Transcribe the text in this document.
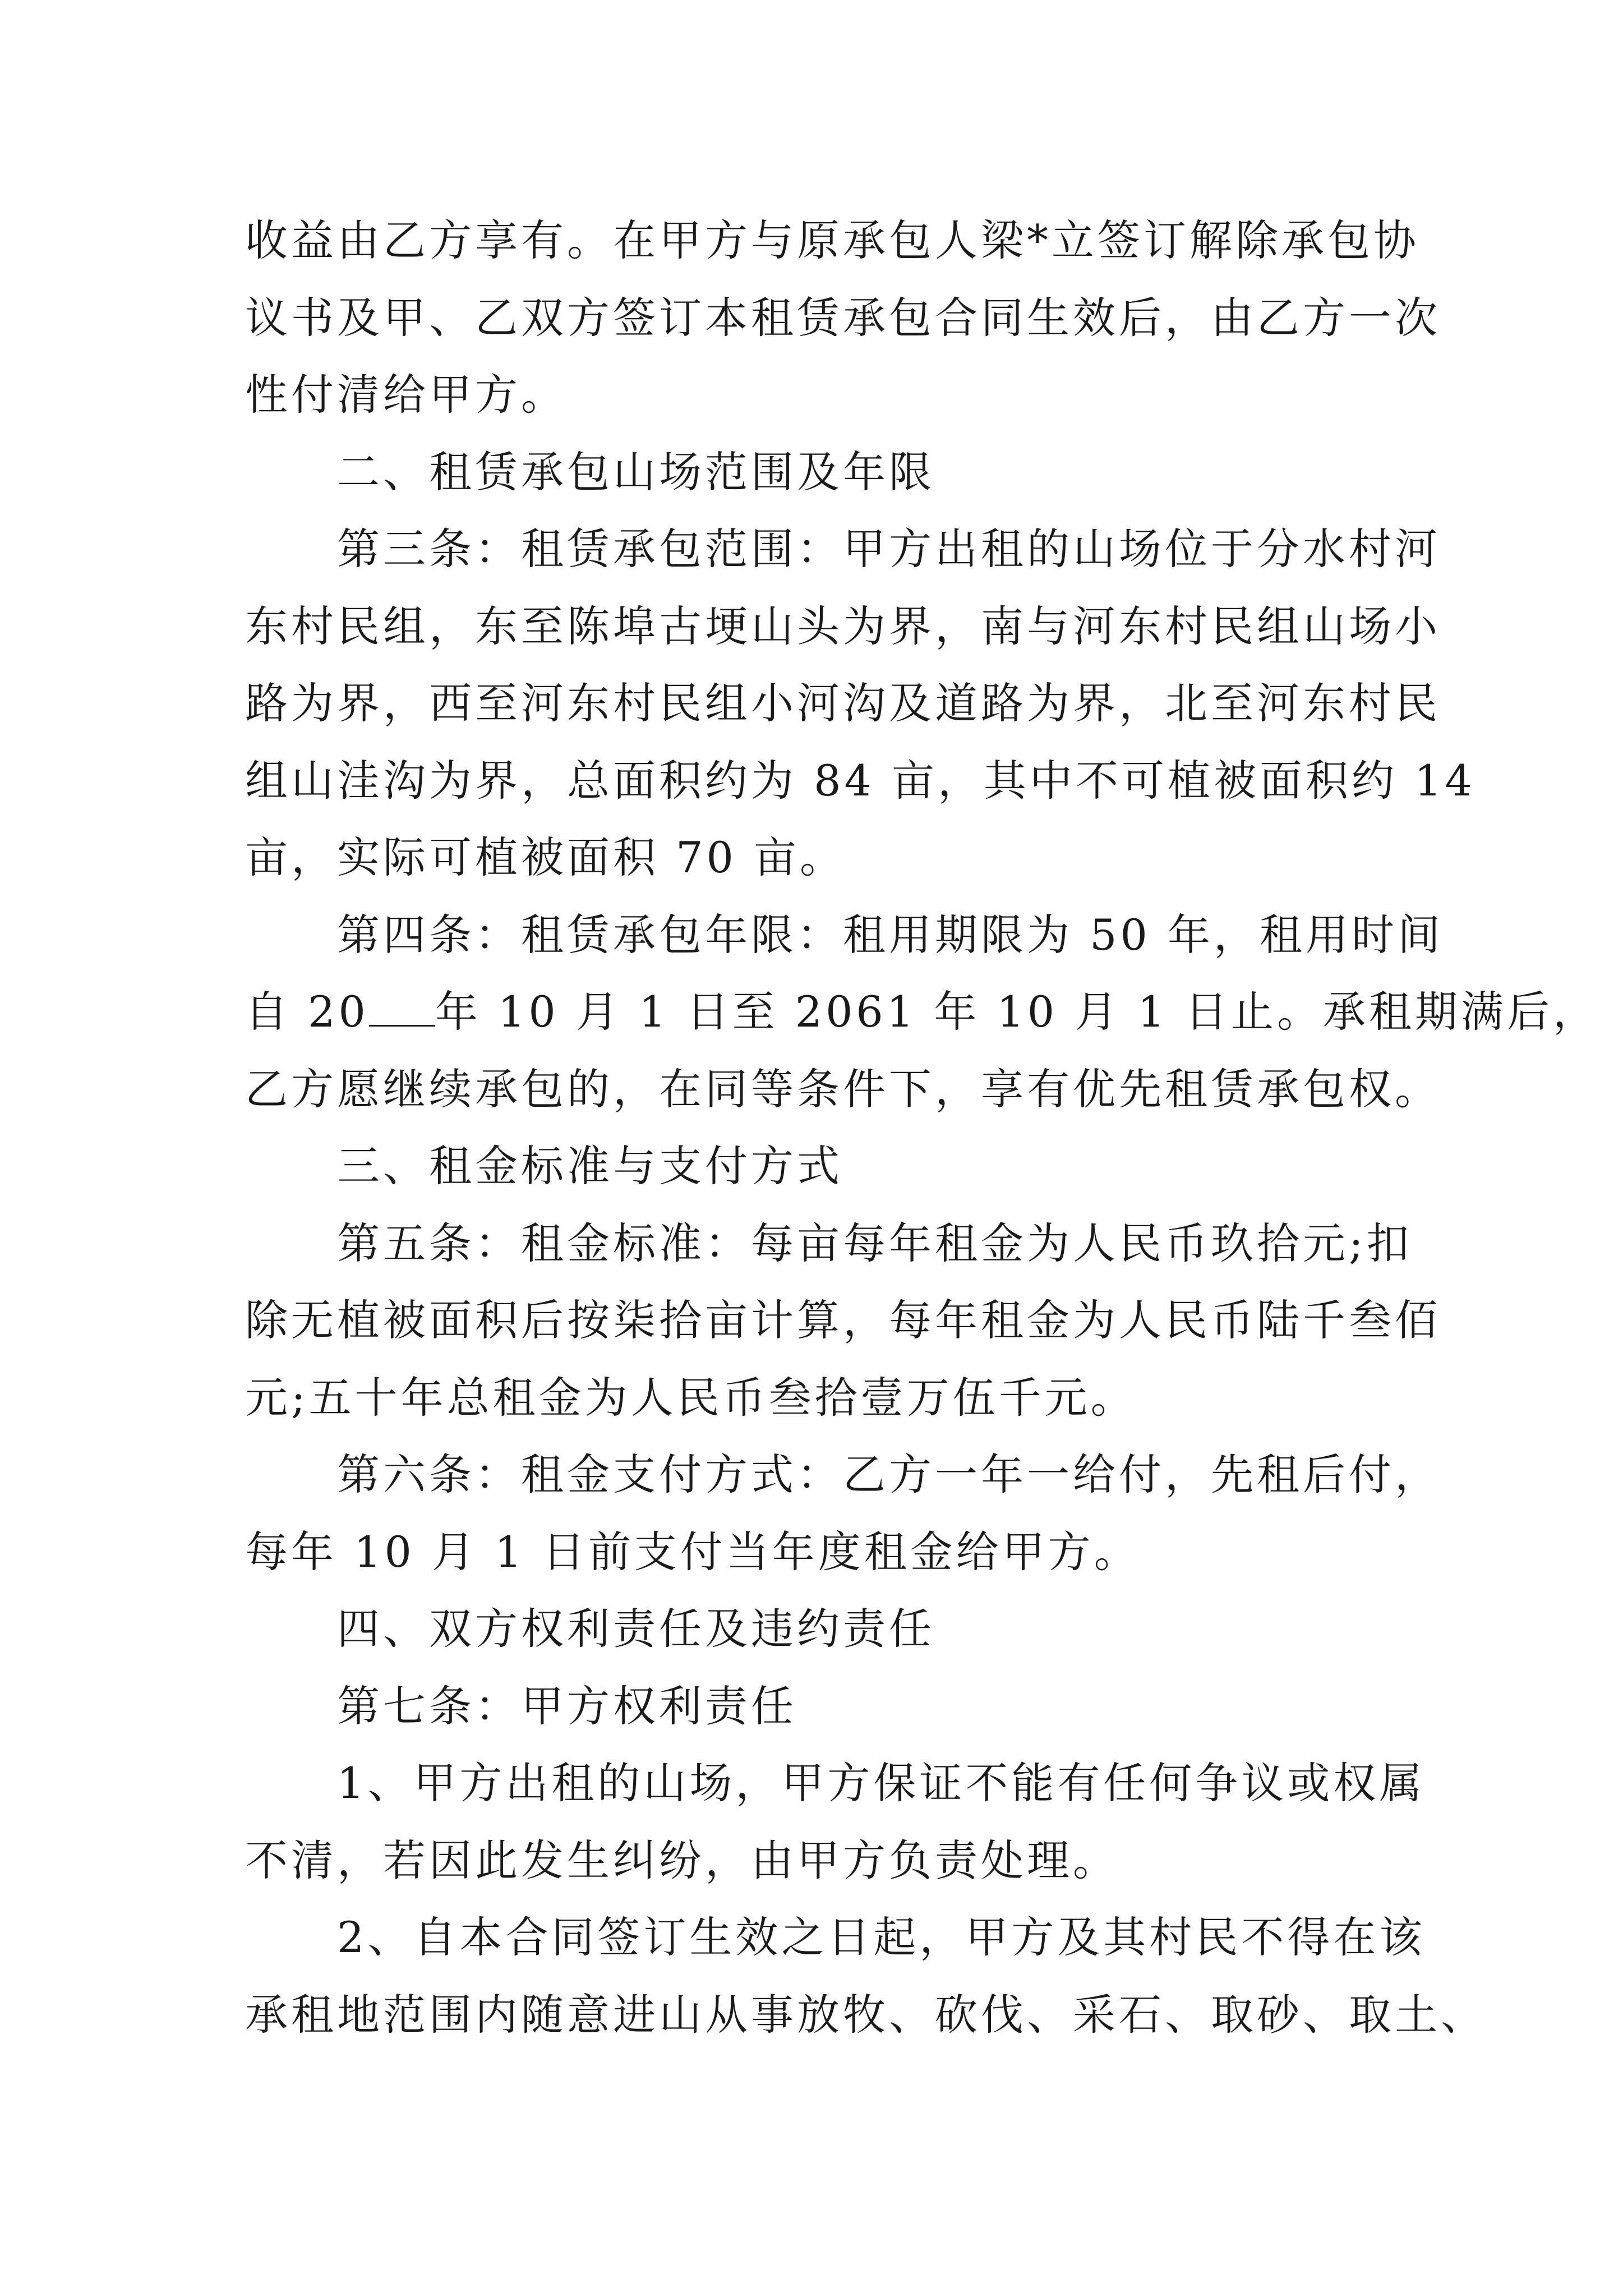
收益由乙方享有。在甲方与原承包人梁*立签订解除承包协
议书及甲、乙双方签订本租赁承包合同生效后，由乙方一次
性付清给甲方。

二、租赁承包山场范围及年限

第三条：租赁承包范围：甲方出租的山场位于分水村河
东村民组，东至陈埠古埂山头为界，南与河东村民组山场小
路为界，西至河东村民组小河沟及道路为界，北至河东村民
组山洼沟为界，总面积约为 84 亩，其中不可植被面积约 14
亩，实际可植被面积 70 亩。

第四条：租赁承包年限：租用期限为 50 年，租用时间
自 20 年 10 月 1 日至 2061 年 10 月 1 日止。承租期满后，
乙方愿继续承包的，在同等条件下，享有优先租赁承包权。

三、租金标准与支付方式

第五条：租金标准：每亩每年租金为人民币玖拾元;扣
除无植被面积后按柒拾亩计算，每年租金为人民币陆千叁佰
元;五十年总租金为人民币叁拾壹万伍千元。

第六条：租金支付方式：乙方一年一给付，先租后付，
每年 10 月 1 日前支付当年度租金给甲方。

四、双方权利责任及违约责任

第七条：甲方权利责任

1、甲方出租的山场，甲方保证不能有任何争议或权属
不清，若因此发生纠纷，由甲方负责处理。

2、自本合同签订生效之日起，甲方及其村民不得在该
承租地范围内随意进山从事放牧、砍伐、采石、取砂、取土、
